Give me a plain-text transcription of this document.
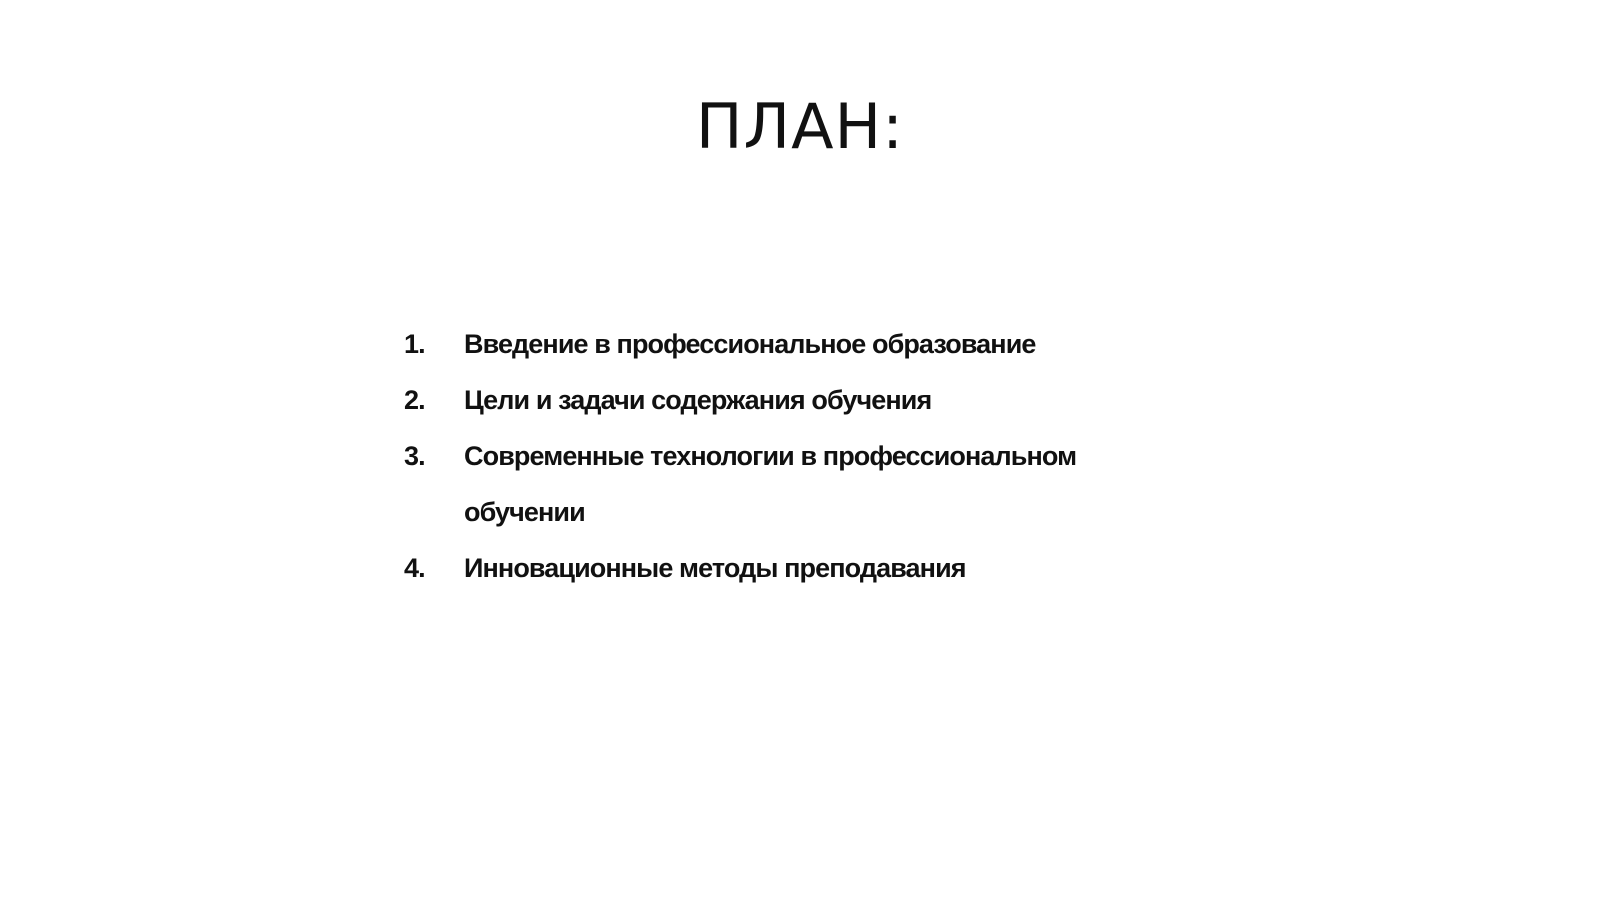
ПЛАН:
1. Введение в профессиональное образование
2. Цели и задачи содержания обучения
3. Современные технологии в профессиональном обучении
4. Инновационные методы преподавания
